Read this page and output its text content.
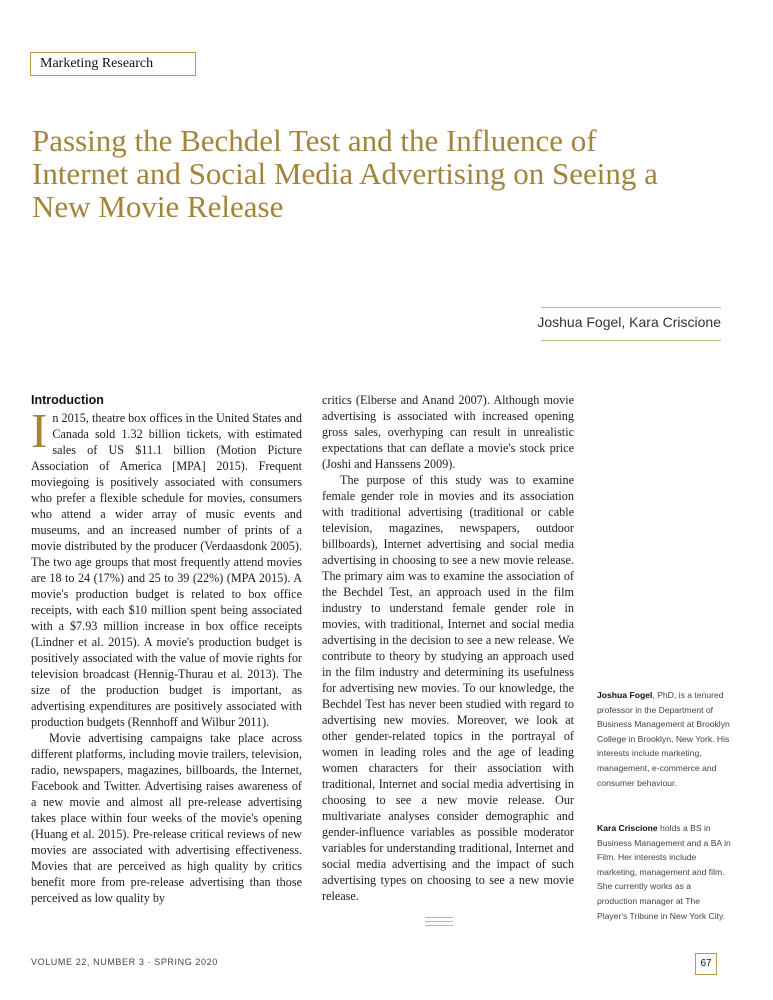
Marketing Research
Passing the Bechdel Test and the Influence of Internet and Social Media Advertising on Seeing a New Movie Release
Joshua Fogel, Kara Criscione
Introduction

In 2015, theatre box offices in the United States and Canada sold 1.32 billion tickets, with estimated sales of US $11.1 billion (Motion Picture Association of America [MPA] 2015). Frequent moviegoing is positively associated with consumers who prefer a flexible schedule for movies, consumers who attend a wider array of music events and museums, and an increased number of prints of a movie distributed by the producer (Verdaasdonk 2005). The two age groups that most frequently attend movies are 18 to 24 (17%) and 25 to 39 (22%) (MPA 2015). A movie's production budget is related to box office receipts, with each $10 million spent being associated with a $7.93 million increase in box office receipts (Lindner et al. 2015). A movie's production budget is positively associated with the value of movie rights for television broadcast (Hennig-Thurau et al. 2013). The size of the production budget is important, as advertising expenditures are positively associated with production budgets (Rennhoff and Wilbur 2011).

Movie advertising campaigns take place across different platforms, including movie trailers, television, radio, newspapers, magazines, billboards, the Internet, Facebook and Twitter. Advertising raises awareness of a new movie and almost all pre-release advertising takes place within four weeks of the movie's opening (Huang et al. 2015). Pre-release critical reviews of new movies are associated with advertising effectiveness. Movies that are perceived as high quality by critics benefit more from pre-release advertising than those perceived as low quality by

critics (Elberse and Anand 2007). Although movie advertising is associated with increased opening gross sales, overhyping can result in unrealistic expectations that can deflate a movie's stock price (Joshi and Hanssens 2009).

The purpose of this study was to examine female gender role in movies and its association with traditional advertising (traditional or cable television, magazines, newspapers, outdoor billboards), Internet advertising and social media advertising in choosing to see a new movie release. The primary aim was to examine the association of the Bechdel Test, an approach used in the film industry to understand female gender role in movies, with traditional, Internet and social media advertising in the decision to see a new release. We contribute to theory by studying an approach used in the film industry and determining its usefulness for advertising new movies. To our knowledge, the Bechdel Test has never been studied with regard to advertising new movies. Moreover, we look at other gender-related topics in the portrayal of women in leading roles and the age of leading women characters for their association with traditional, Internet and social media advertising in choosing to see a new movie release. Our multivariate analyses consider demographic and gender-influence variables as possible moderator variables for understanding traditional, Internet and social media advertising and the impact of such advertising types on choosing to see a new movie release.

Joshua Fogel, PhD, is a tenured professor in the Department of Business Management at Brooklyn College in Brooklyn, New York. His interests include marketing, management, e-commerce and consumer behaviour.

Kara Criscione holds a BS in Business Management and a BA in Film. Her interests include marketing, management and film. She currently works as a production manager at The Player's Tribune in New York City.

VOLUME 22, NUMBER 3 · SPRING 2020	67
